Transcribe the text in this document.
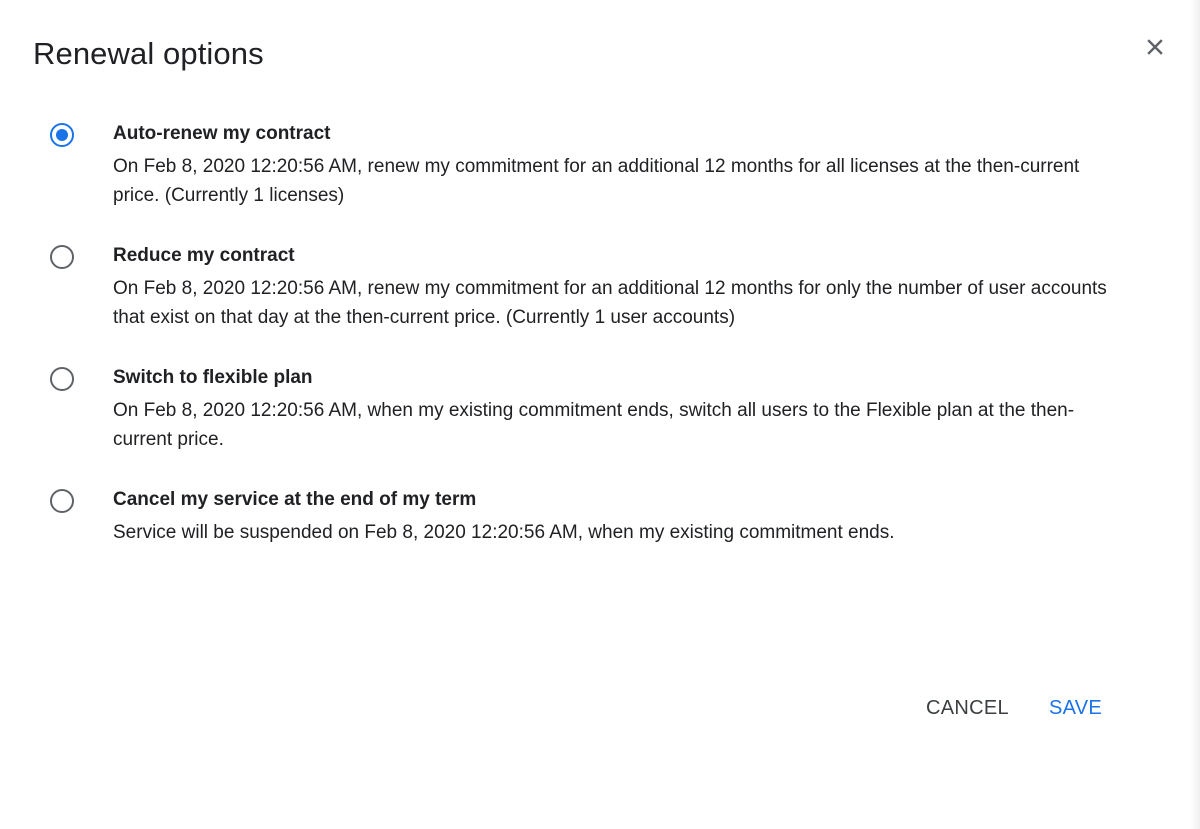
Renewal options
Auto-renew my contract
On Feb 8, 2020 12:20:56 AM, renew my commitment for an additional 12 months for all licenses at the then-current price. (Currently 1 licenses)
Reduce my contract
On Feb 8, 2020 12:20:56 AM, renew my commitment for an additional 12 months for only the number of user accounts that exist on that day at the then-current price. (Currently 1 user accounts)
Switch to flexible plan
On Feb 8, 2020 12:20:56 AM, when my existing commitment ends, switch all users to the Flexible plan at the then-current price.
Cancel my service at the end of my term
Service will be suspended on Feb 8, 2020 12:20:56 AM, when my existing commitment ends.
CANCEL SAVE
